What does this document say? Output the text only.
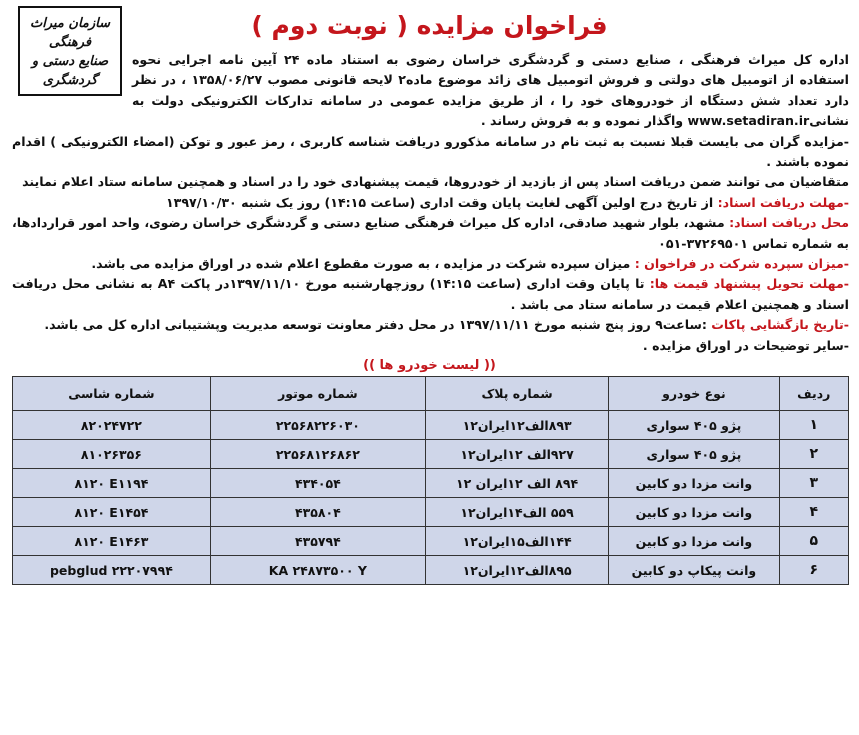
فراخوان مزایده ( نوبت دوم )
سازمان میراث فرهنگی
صنایع دستی و گردشگری

اداره کل میراث فرهنگی ، صنایع دستی و گردشگری خراسان رضوی به استناد ماده ۲۴ آیین نامه اجرایی نحوه استفاده از اتومبیل های دولتی و فروش اتومبیل های زائد موضوع ماده۲ لایحه قانونی مصوب ۱۳۵۸/۰۶/۲۷ ، در نظر دارد تعداد شش دستگاه از خودروهای خود را ، از طریق مزایده عمومی در سامانه تدارکات الکترونیکی دولت به نشانیwww.setadiran.ir واگذار نموده و به فروش رساند .

-مزایده گران می بایست قبلا نسبت به ثبت نام در سامانه مذکورو دریافت شناسه کاربری ، رمز عبور و توکن (امضاء الکترونیکی ) اقدام نموده باشند .

متقاضیان می توانند ضمن دریافت اسناد پس از بازدید از خودروها، قیمت پیشنهادی خود را در اسناد و همچنین سامانه ستاد اعلام نمایند

-مهلت دریافت اسناد: از تاریخ درج اولین آگهی لغایت پایان وقت اداری (ساعت ۱۴:۱۵) روز یک شنبه ۱۳۹۷/۱۰/۳۰

محل دریافت اسناد: مشهد، بلوار شهید صادقی، اداره کل میراث فرهنگی صنایع دستی و گردشگری خراسان رضوی، واحد امور قراردادها، به شماره تماس ۳۷۲۶۹۵۰۱-۰۵۱

-میزان سپرده شرکت در فراخوان : میزان سپرده شرکت در مزایده ، به صورت مقطوع اعلام شده در اوراق مزایده می باشد.

-مهلت تحویل پیشنهاد قیمت ها: تا پایان وقت اداری (ساعت ۱۴:۱۵) روزچهارشنبه مورخ ۱۳۹۷/۱۱/۱۰در پاکت A۴ به نشانی محل دریافت اسناد و همچنین اعلام قیمت در سامانه ستاد می باشد .

-تاریخ بازگشایی پاکات :ساعت۹ روز پنج شنبه مورخ ۱۳۹۷/۱۱/۱۱ در محل دفتر معاونت توسعه مدیریت وپشتیبانی اداره کل می باشد.

-سایر توضیحات در اوراق مزایده .

(( لیست خودرو ها ))
ردیف	نوع خودرو	شماره پلاک	شماره موتور	شماره شاسی
۱	پژو ۴۰۵ سواری	۸۹۳الف۱۲ایران۱۲	۲۲۵۶۸۲۲۶۰۳۰	۸۲۰۲۴۷۲۲
۲	پژو ۴۰۵ سواری	۹۲۷الف ۱۲ایران۱۲	۲۲۵۶۸۱۲۶۸۶۲	۸۱۰۲۶۳۵۶
۳	وانت مزدا دو کابین	۸۹۴ الف ۱۲ایران ۱۲	۴۳۴۰۵۴	۸۱۲۰ E۱۱۹۴
۴	وانت مزدا دو کابین	۵۵۹ الف۱۴ایران۱۲	۴۳۵۸۰۴	۸۱۲۰ E۱۴۵۴
۵	وانت مزدا دو کابین	۱۴۴الف۱۵ایران۱۲	۴۳۵۷۹۴	۸۱۲۰ E۱۴۶۳
۶	وانت پیکاپ دو کابین	۸۹۵الف۱۲ایران۱۲	KA ۲۴۸۷۳۵۰۰ Y	pebglud ۲۲۲۰۷۹۹۴
